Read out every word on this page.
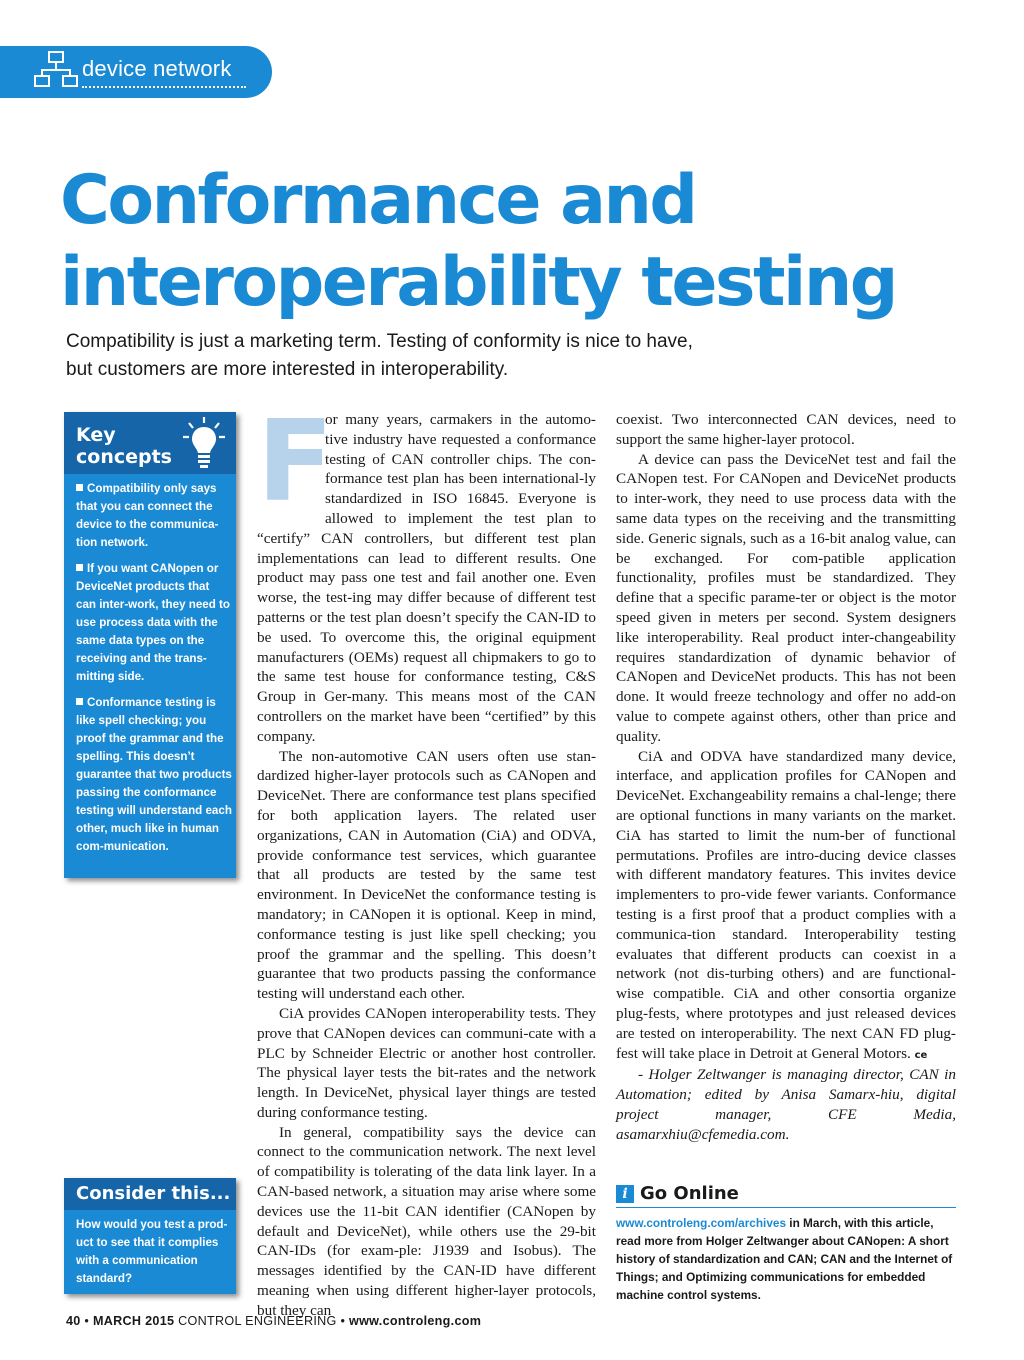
device network
Conformance and
interoperability testing
Compatibility is just a marketing term. Testing of conformity is nice to have,
but customers are more interested in interoperability.
Key
concepts
Compatibility only says that you can connect the device to the communica-tion network.
If you want CANopen or DeviceNet products that can inter-work, they need to use process data with the same data types on the receiving and the trans-mitting side.
Conformance testing is like spell checking; you proof the grammar and the spelling. This doesn’t guarantee that two products passing the conformance testing will understand each other, much like in human com-munication.
Consider this...
How would you test a prod-uct to see that it complies with a communication standard?

F
or many years, carmakers in the automo-tive industry have requested a conformance testing of CAN controller chips. The con-formance test plan has been international-ly standardized in ISO 16845. Everyone is allowed to implement the test plan to “certify” CAN controllers, but different test plan implementations can lead to different results. One product may pass one test and fail another one. Even worse, the test-ing may differ because of different test patterns or the test plan doesn’t specify the CAN-ID to be used. To overcome this, the original equipment manufacturers (OEMs) request all chipmakers to go to the same test house for conformance testing, C&S Group in Ger-many. This means most of the CAN controllers on the market have been “certified” by this company.

The non-automotive CAN users often use stan-dardized higher-layer protocols such as CANopen and DeviceNet. There are conformance test plans specified for both application layers. The related user organizations, CAN in Automation (CiA) and ODVA, provide conformance test services, which guarantee that all products are tested by the same test environment. In DeviceNet the conformance testing is mandatory; in CANopen it is optional. Keep in mind, conformance testing is just like spell checking; you proof the grammar and the spelling. This doesn’t guarantee that two products passing the conformance testing will understand each other.

CiA provides CANopen interoperability tests. They prove that CANopen devices can communi-cate with a PLC by Schneider Electric or another host controller. The physical layer tests the bit-rates and the network length. In DeviceNet, physical layer things are tested during conformance testing.

In general, compatibility says the device can connect to the communication network. The next level of compatibility is tolerating of the data link layer. In a CAN-based network, a situation may arise where some devices use the 11-bit CAN identifier (CANopen by default and DeviceNet), while others use the 29-bit CAN-IDs (for exam-ple: J1939 and Isobus). The messages identified by the CAN-ID have different meaning when using different higher-layer protocols, but they can

coexist. Two interconnected CAN devices, need to support the same higher-layer protocol.

A device can pass the DeviceNet test and fail the CANopen test. For CANopen and DeviceNet products to inter-work, they need to use process data with the same data types on the receiving and the transmitting side. Generic signals, such as a 16-bit analog value, can be exchanged. For com-patible application functionality, profiles must be standardized. They define that a specific parame-ter or object is the motor speed given in meters per second. System designers like interoperability. Real product inter-changeability requires standardization of dynamic behavior of CANopen and DeviceNet products. This has not been done. It would freeze technology and offer no add-on value to compete against others, other than price and quality.

CiA and ODVA have standardized many device, interface, and application profiles for CANopen and DeviceNet. Exchangeability remains a chal-lenge; there are optional functions in many variants on the market. CiA has started to limit the num-ber of functional permutations. Profiles are intro-ducing device classes with different mandatory features. This invites device implementers to pro-vide fewer variants. Conformance testing is a first proof that a product complies with a communica-tion standard. Interoperability testing evaluates that different products can coexist in a network (not dis-turbing others) and are functional-wise compatible. CiA and other consortia organize plug-fests, where prototypes and just released devices are tested on interoperability. The next CAN FD plug-fest will take place in Detroit at General Motors. ce

- Holger Zeltwanger is managing director, CAN in Automation; edited by Anisa Samarx-hiu, digital project manager, CFE Media, asamarxhiu@cfemedia.com.

i Go Online
www.controleng.com/archives in March, with this article, read more from Holger Zeltwanger about CANopen: A short history of standardization and CAN; CAN and the Internet of Things; and Optimizing communications for embedded machine control systems.
40 • MARCH 2015 CONTROL ENGINEERING • www.controleng.com
